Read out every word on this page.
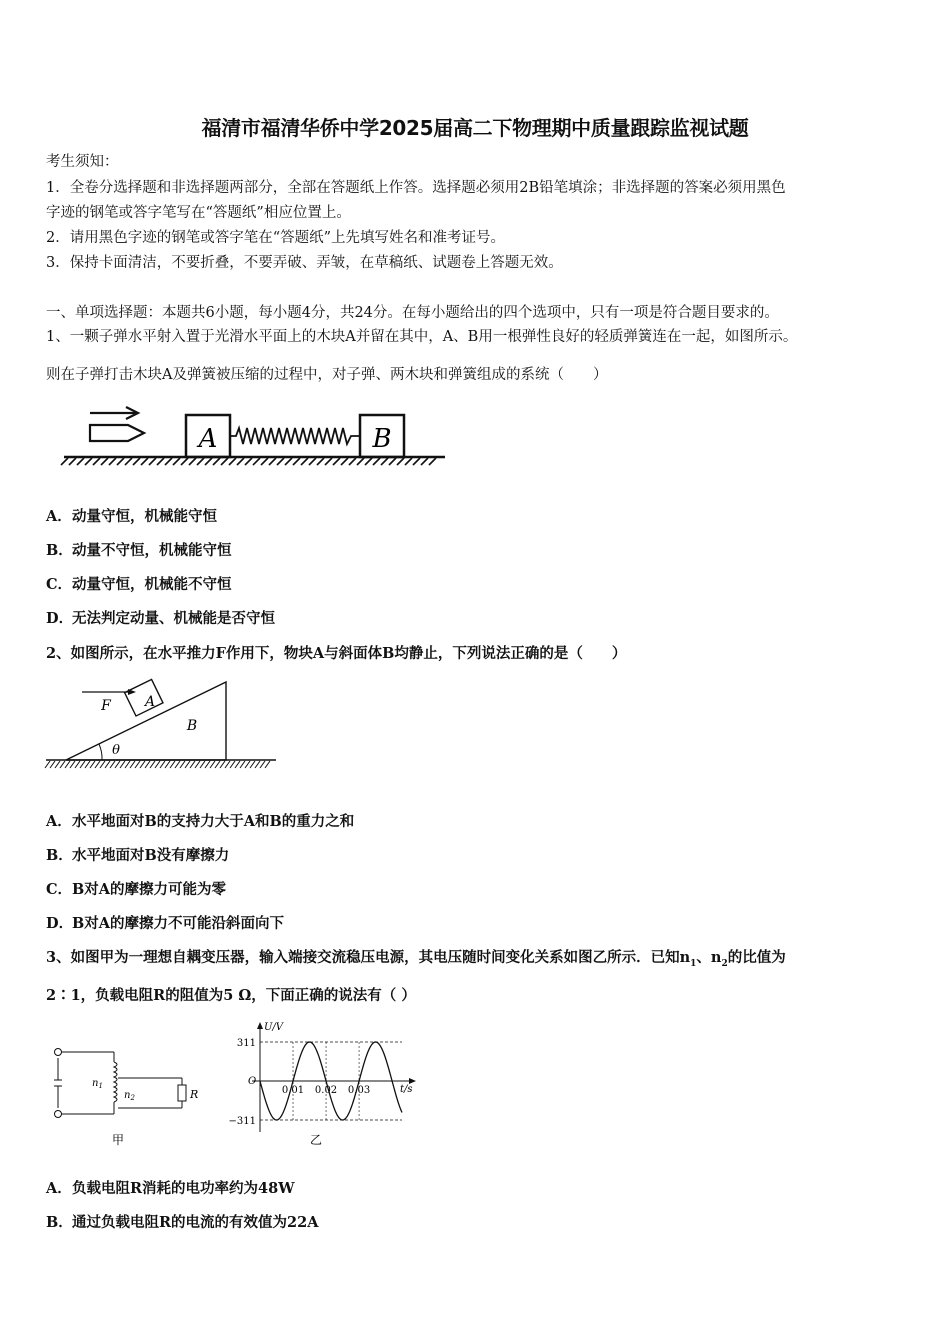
福清市福清华侨中学2025届高二下物理期中质量跟踪监视试题
考生须知：
1．全卷分选择题和非选择题两部分，全部在答题纸上作答。选择题必须用2B铅笔填涂；非选择题的答案必须用黑色
字迹的钢笔或答字笔写在“答题纸”相应位置上。
2．请用黑色字迹的钢笔或答字笔在“答题纸”上先填写姓名和准考证号。
3．保持卡面清洁，不要折叠，不要弄破、弄皱，在草稿纸、试题卷上答题无效。
一、单项选择题：本题共6小题，每小题4分，共24分。在每小题给出的四个选项中，只有一项是符合题目要求的。
1、一颗子弹水平射入置于光滑水平面上的木块A并留在其中，A、B用一根弹性良好的轻质弹簧连在一起，如图所示。
则在子弹打击木块A及弹簧被压缩的过程中，对子弹、两木块和弹簧组成的系统（　　）
A	B
A．动量守恒，机械能守恒
B．动量不守恒，机械能守恒
C．动量守恒，机械能不守恒
D．无法判定动量、机械能是否守恒
2、如图所示，在水平推力F作用下，物块A与斜面体B均静止，下列说法正确的是（　　）
A
F
B
θ
A．水平地面对B的支持力大于A和B的重力之和
B．水平地面对B没有摩擦力
C．B对A的摩擦力可能为零
D．B对A的摩擦力不可能沿斜面向下
3、如图甲为一理想自耦变压器，输入端接交流稳压电源，其电压随时间变化关系如图乙所示．已知$n_1$、$n_2$的比值为
2∶1，负载电阻R的阻值为5 Ω，下面正确的说法有（ ）
$n_1$
$n_2$	R
甲
U/V
t/s
O
311
−311
0.01 0.02 0.03
乙
A．负载电阻R消耗的电功率约为48W
B．通过负载电阻R的电流的有效值为22A
